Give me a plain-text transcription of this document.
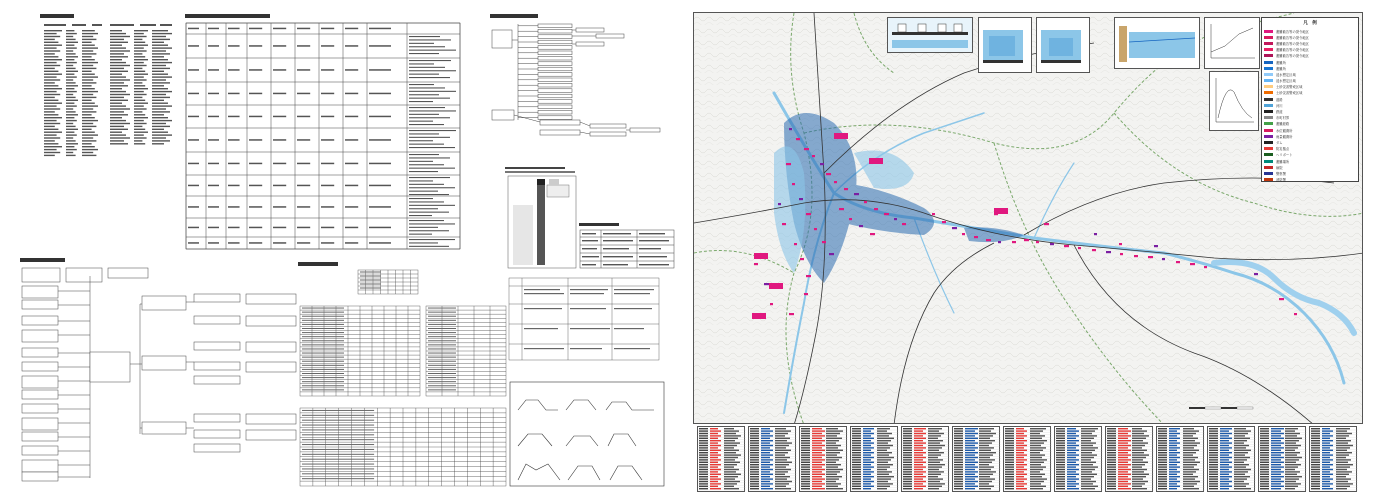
凡　例
避難勧告等の発令地区
避難勧告等の発令地区
避難勧告等の発令地区
避難勧告等の発令地区
避難勧告等の発令地区
避難所
避難所
浸水想定区域
浸水想定区域
土砂災害警戒区域
土砂災害警戒区域
道路
河川
鉄道
市町村界
避難経路
水位観測所
雨量観測所
ダム
防災拠点
ヘリポート
避難場所
病院
警察署
消防署
